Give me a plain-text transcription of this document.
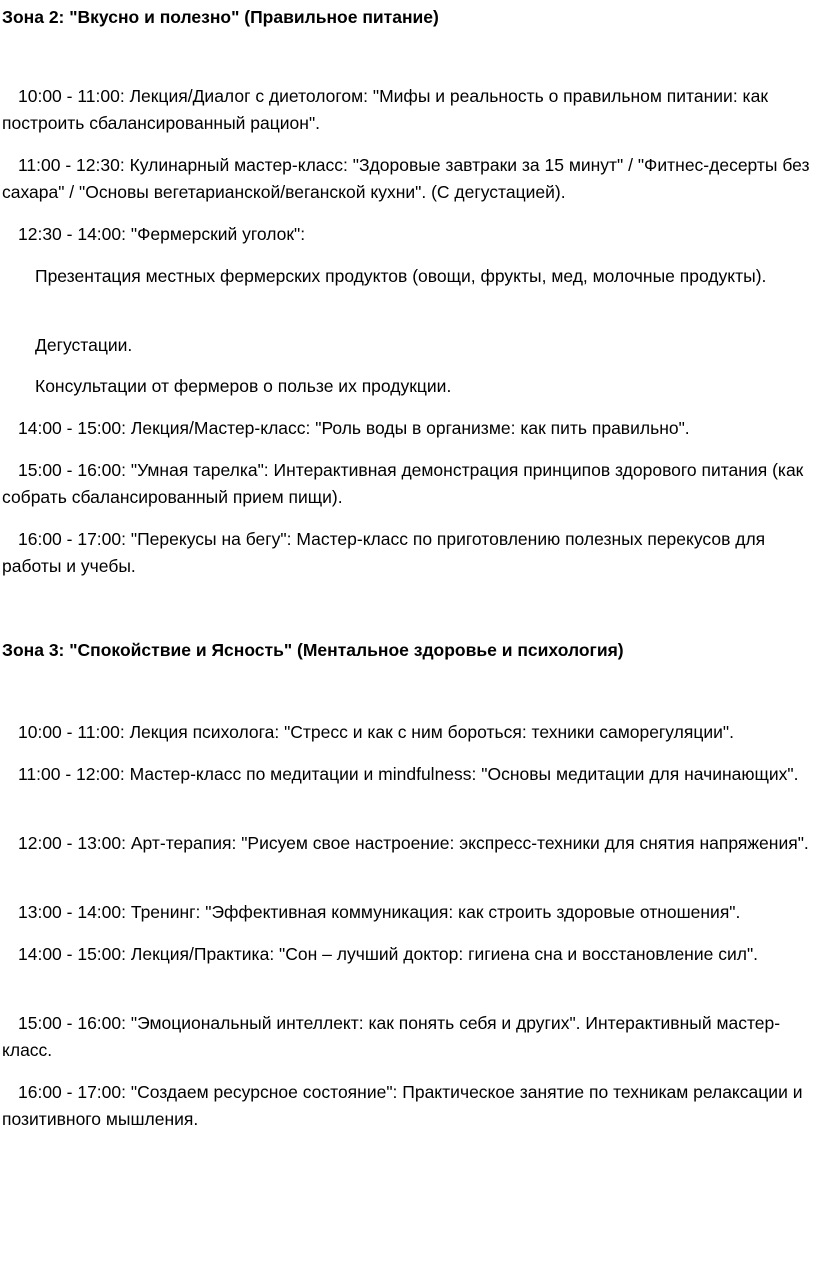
Зона 2: "Вкусно и полезно" (Правильное питание)
10:00 - 11:00: Лекция/Диалог с диетологом: "Мифы и реальность о правильном питании: как построить сбалансированный рацион".
11:00 - 12:30: Кулинарный мастер-класс: "Здоровые завтраки за 15 минут" / "Фитнес-десерты без сахара" / "Основы вегетарианской/веганской кухни". (С дегустацией).
12:30 - 14:00: "Фермерский уголок":
Презентация местных фермерских продуктов (овощи, фрукты, мед, молочные продукты).
Дегустации.
Консультации от фермеров о пользе их продукции.
14:00 - 15:00: Лекция/Мастер-класс: "Роль воды в организме: как пить правильно".
15:00 - 16:00: "Умная тарелка": Интерактивная демонстрация принципов здорового питания (как собрать сбалансированный прием пищи).
16:00 - 17:00: "Перекусы на бегу": Мастер-класс по приготовлению полезных перекусов для работы и учебы.
Зона 3: "Спокойствие и Ясность" (Ментальное здоровье и психология)
10:00 - 11:00: Лекция психолога: "Стресс и как с ним бороться: техники саморегуляции".
11:00 - 12:00: Мастер-класс по медитации и mindfulness: "Основы медитации для начинающих".
12:00 - 13:00: Арт-терапия: "Рисуем свое настроение: экспресс-техники для снятия напряжения".
13:00 - 14:00: Тренинг: "Эффективная коммуникация: как строить здоровые отношения".
14:00 - 15:00: Лекция/Практика: "Сон – лучший доктор: гигиена сна и восстановление сил".
15:00 - 16:00: "Эмоциональный интеллект: как понять себя и других". Интерактивный мастер-класс.
16:00 - 17:00: "Создаем ресурсное состояние": Практическое занятие по техникам релаксации и позитивного мышления.
